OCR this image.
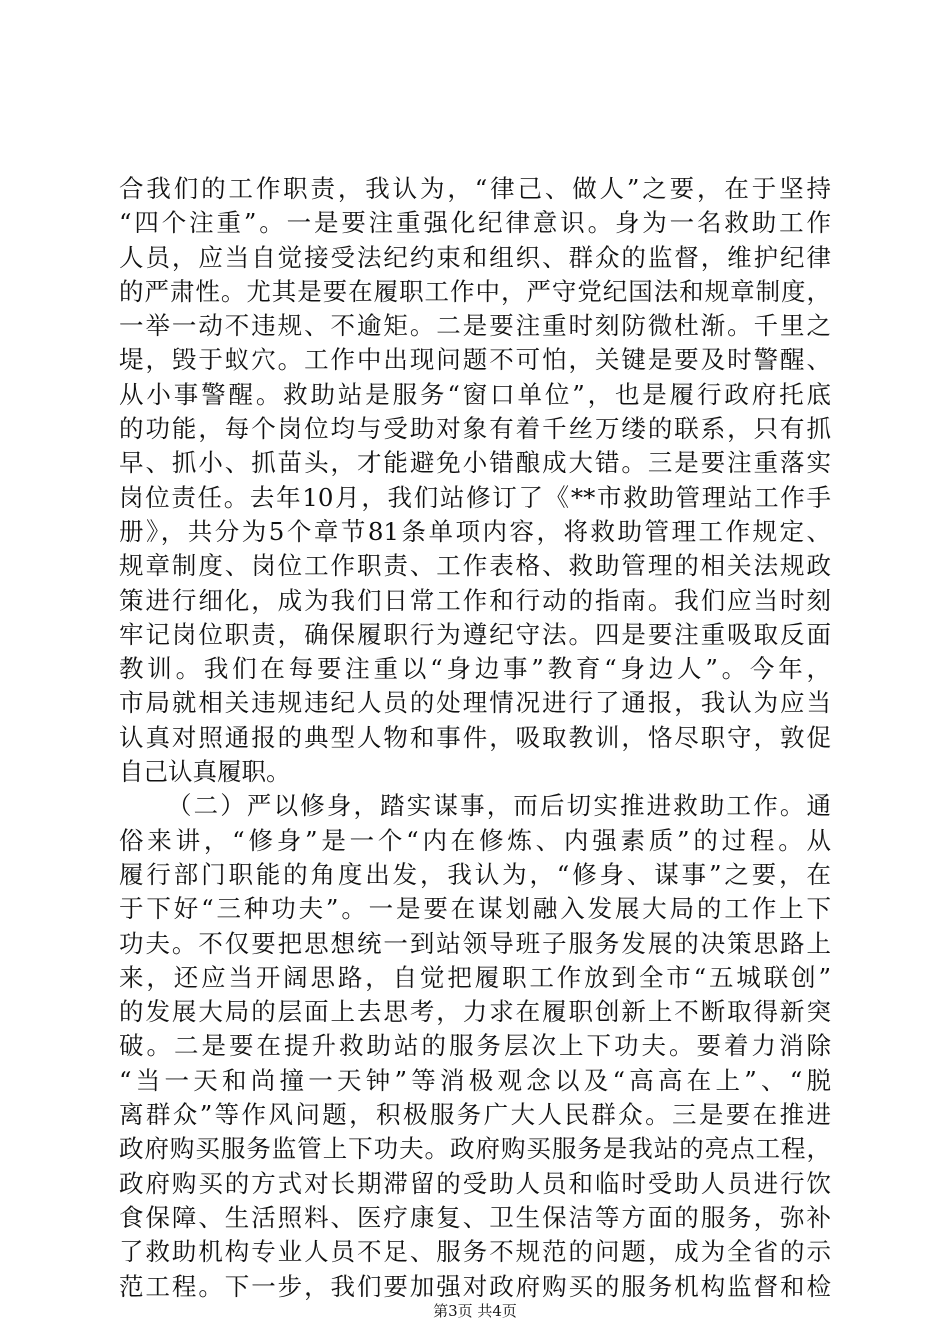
合我们的工作职责，我认为，“律己、做人”之要，在于坚持
“四个注重”。一是要注重强化纪律意识。身为一名救助工作
人员，应当自觉接受法纪约束和组织、群众的监督，维护纪律
的严肃性。尤其是要在履职工作中，严守党纪国法和规章制度，
一举一动不违规、不逾矩。二是要注重时刻防微杜渐。千里之
堤，毁于蚁穴。工作中出现问题不可怕，关键是要及时警醒、
从小事警醒。救助站是服务“窗口单位”，也是履行政府托底
的功能，每个岗位均与受助对象有着千丝万缕的联系，只有抓
早、抓小、抓苗头，才能避免小错酿成大错。三是要注重落实
岗位责任。去年10月，我们站修订了《**市救助管理站工作手
册》，共分为5个章节81条单项内容，将救助管理工作规定、
规章制度、岗位工作职责、工作表格、救助管理的相关法规政
策进行细化，成为我们日常工作和行动的指南。我们应当时刻
牢记岗位职责，确保履职行为遵纪守法。四是要注重吸取反面
教训。我们在每要注重以“身边事”教育“身边人”。今年，
市局就相关违规违纪人员的处理情况进行了通报，我认为应当
认真对照通报的典型人物和事件，吸取教训，恪尽职守，敦促
自己认真履职。
（二）严以修身，踏实谋事，而后切实推进救助工作。通
俗来讲，“修身”是一个“内在修炼、内强素质”的过程。从
履行部门职能的角度出发，我认为，“修身、谋事”之要，在
于下好“三种功夫”。一是要在谋划融入发展大局的工作上下
功夫。不仅要把思想统一到站领导班子服务发展的决策思路上
来，还应当开阔思路，自觉把履职工作放到全市“五城联创”
的发展大局的层面上去思考，力求在履职创新上不断取得新突
破。二是要在提升救助站的服务层次上下功夫。要着力消除
“当一天和尚撞一天钟”等消极观念以及“高高在上”、“脱
离群众”等作风问题，积极服务广大人民群众。三是要在推进
政府购买服务监管上下功夫。政府购买服务是我站的亮点工程，
政府购买的方式对长期滞留的受助人员和临时受助人员进行饮
食保障、生活照料、医疗康复、卫生保洁等方面的服务，弥补
了救助机构专业人员不足、服务不规范的问题，成为全省的示
范工程。下一步，我们要加强对政府购买的服务机构监督和检
第3页 共4页
